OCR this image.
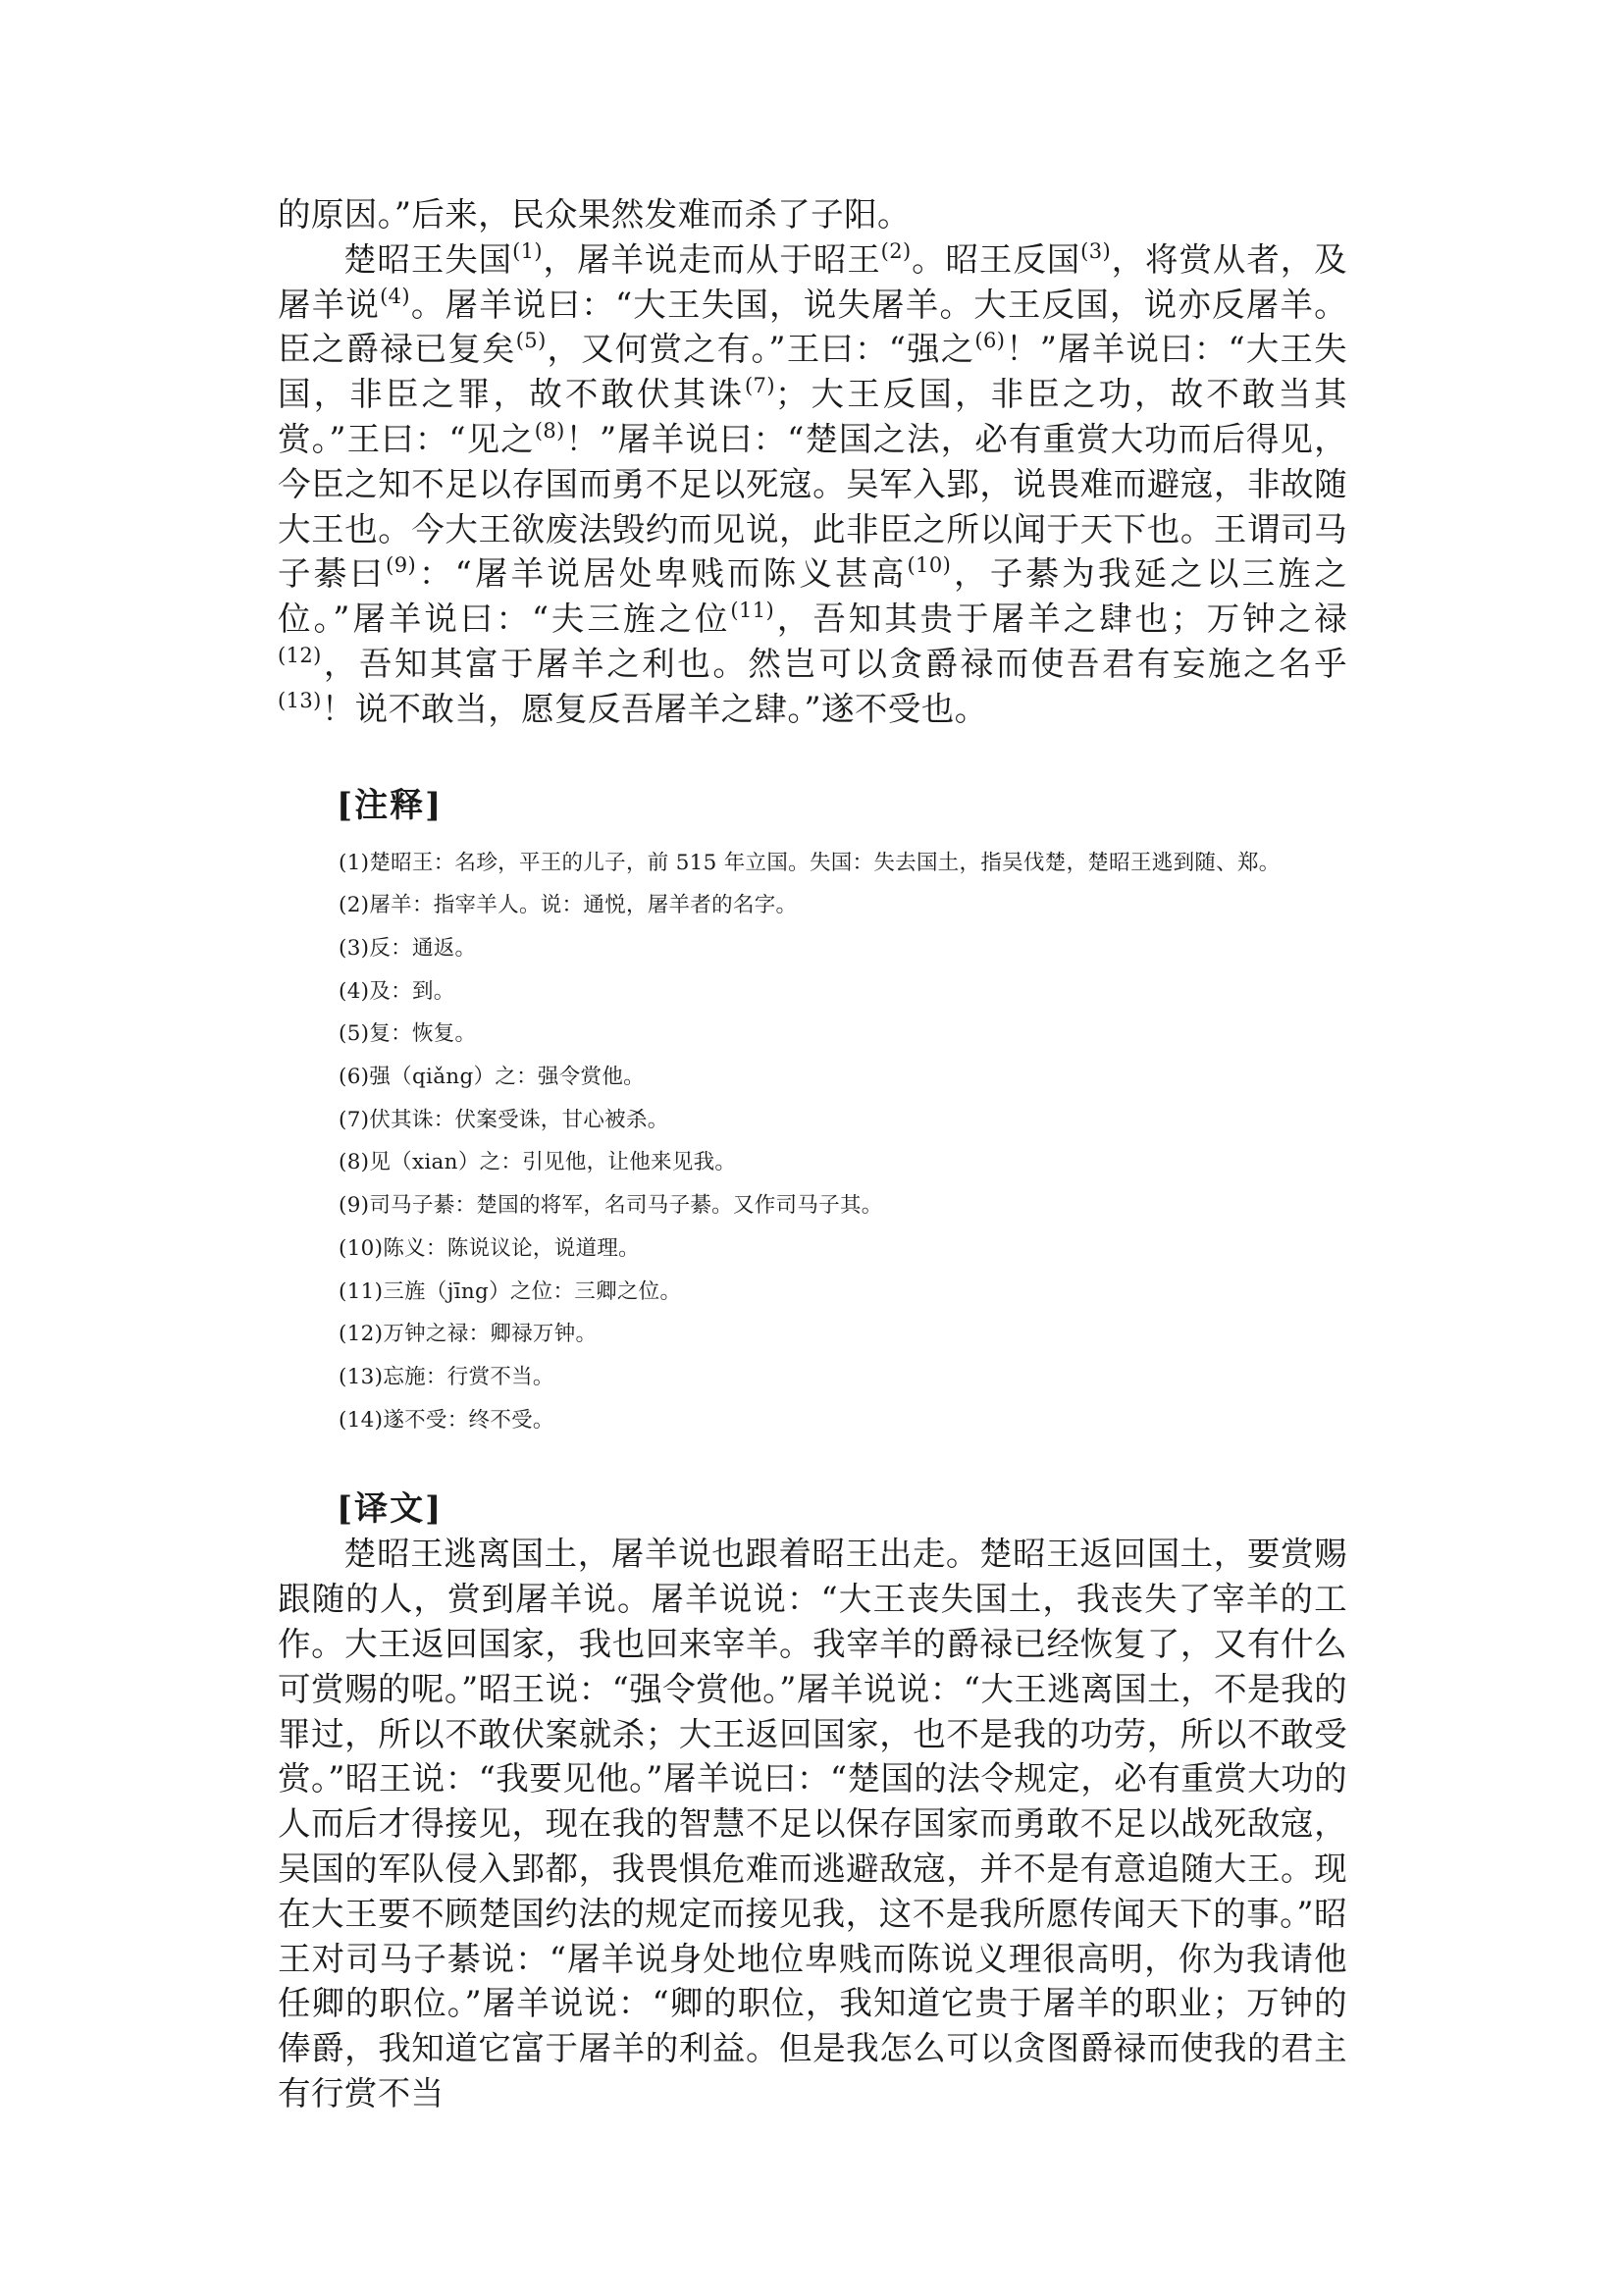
的原因。”后来，民众果然发难而杀了子阳。

楚昭王失国$^{(1)}$，屠羊说走而从于昭王$^{(2)}$。昭王反国$^{(3)}$，将赏从者，及屠羊说$^{(4)}$。屠羊说曰：“大王失国，说失屠羊。大王反国，说亦反屠羊。臣之爵禄已复矣$^{(5)}$，又何赏之有。”王曰：“强之$^{(6)}$！”屠羊说曰：“大王失国，非臣之罪，故不敢伏其诛$^{(7)}$；大王反国，非臣之功，故不敢当其赏。”王曰：“见之$^{(8)}$！”屠羊说曰：“楚国之法，必有重赏大功而后得见，今臣之知不足以存国而勇不足以死寇。吴军入郢，说畏难而避寇，非故随大王也。今大王欲废法毁约而见说，此非臣之所以闻于天下也。王谓司马子綦曰$^{(9)}$：“屠羊说居处卑贱而陈义甚高$^{(10)}$，子綦为我延之以三旌之位。”屠羊说曰：“夫三旌之位$^{(11)}$，吾知其贵于屠羊之肆也；万钟之禄$^{(12)}$，吾知其富于屠羊之利也。然岂可以贪爵禄而使吾君有妄施之名乎$^{(13)}$！说不敢当，愿复反吾屠羊之肆。”遂不受也。

[注释]
(1)楚昭王：名珍，平王的儿子，前 515 年立国。失国：失去国土，指吴伐楚，楚昭王逃到随、郑。
(2)屠羊：指宰羊人。说：通悦，屠羊者的名字。
(3)反：通返。
(4)及：到。
(5)复：恢复。
(6)强（qiǎng）之：强令赏他。
(7)伏其诛：伏案受诛，甘心被杀。
(8)见（xian）之：引见他，让他来见我。
(9)司马子綦：楚国的将军，名司马子綦。又作司马子其。
(10)陈义：陈说议论，说道理。
(11)三旌（jīng）之位：三卿之位。
(12)万钟之禄：卿禄万钟。
(13)忘施：行赏不当。
(14)遂不受：终不受。
[译文]

楚昭王逃离国土，屠羊说也跟着昭王出走。楚昭王返回国土，要赏赐跟随的人，赏到屠羊说。屠羊说说：“大王丧失国土，我丧失了宰羊的工作。大王返回国家，我也回来宰羊。我宰羊的爵禄已经恢复了，又有什么可赏赐的呢。”昭王说：“强令赏他。”屠羊说说：“大王逃离国土，不是我的罪过，所以不敢伏案就杀；大王返回国家，也不是我的功劳，所以不敢受赏。”昭王说：“我要见他。”屠羊说曰：“楚国的法令规定，必有重赏大功的人而后才得接见，现在我的智慧不足以保存国家而勇敢不足以战死敌寇，吴国的军队侵入郢都，我畏惧危难而逃避敌寇，并不是有意追随大王。现在大王要不顾楚国约法的规定而接见我，这不是我所愿传闻天下的事。”昭王对司马子綦说：“屠羊说身处地位卑贱而陈说义理很高明，你为我请他任卿的职位。”屠羊说说：“卿的职位，我知道它贵于屠羊的职业；万钟的俸爵，我知道它富于屠羊的利益。但是我怎么可以贪图爵禄而使我的君主有行赏不当
